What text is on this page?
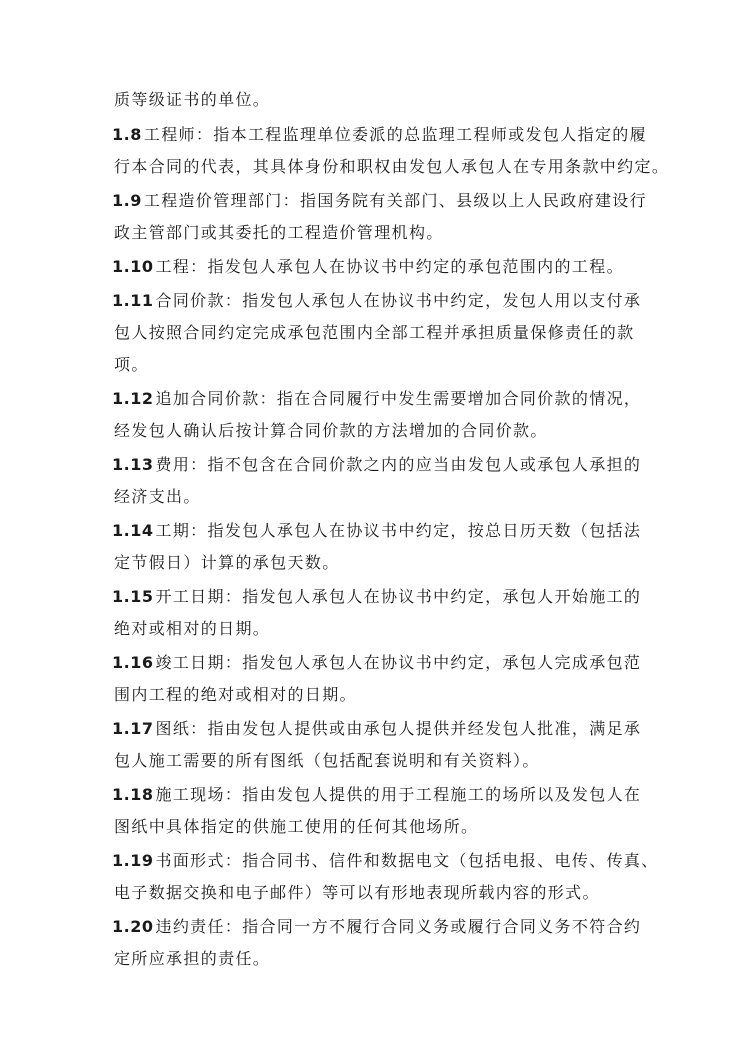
质等级证书的单位。
1.8 工程师：指本工程监理单位委派的总监理工程师或发包人指定的履
行本合同的代表，其具体身份和职权由发包人承包人在专用条款中约定。
1.9 工程造价管理部门：指国务院有关部门、县级以上人民政府建设行
政主管部门或其委托的工程造价管理机构。
1.10 工程：指发包人承包人在协议书中约定的承包范围内的工程。
1.11 合同价款：指发包人承包人在协议书中约定，发包人用以支付承
包人按照合同约定完成承包范围内全部工程并承担质量保修责任的款
项。
1.12 追加合同价款：指在合同履行中发生需要增加合同价款的情况，
经发包人确认后按计算合同价款的方法增加的合同价款。
1.13 费用：指不包含在合同价款之内的应当由发包人或承包人承担的
经济支出。
1.14 工期：指发包人承包人在协议书中约定，按总日历天数（包括法
定节假日）计算的承包天数。
1.15 开工日期：指发包人承包人在协议书中约定，承包人开始施工的
绝对或相对的日期。
1.16 竣工日期：指发包人承包人在协议书中约定，承包人完成承包范
围内工程的绝对或相对的日期。
1.17 图纸：指由发包人提供或由承包人提供并经发包人批准，满足承
包人施工需要的所有图纸（包括配套说明和有关资料）。
1.18 施工现场：指由发包人提供的用于工程施工的场所以及发包人在
图纸中具体指定的供施工使用的任何其他场所。
1.19 书面形式：指合同书、信件和数据电文（包括电报、电传、传真、
电子数据交换和电子邮件）等可以有形地表现所载内容的形式。
1.20 违约责任：指合同一方不履行合同义务或履行合同义务不符合约
定所应承担的责任。
